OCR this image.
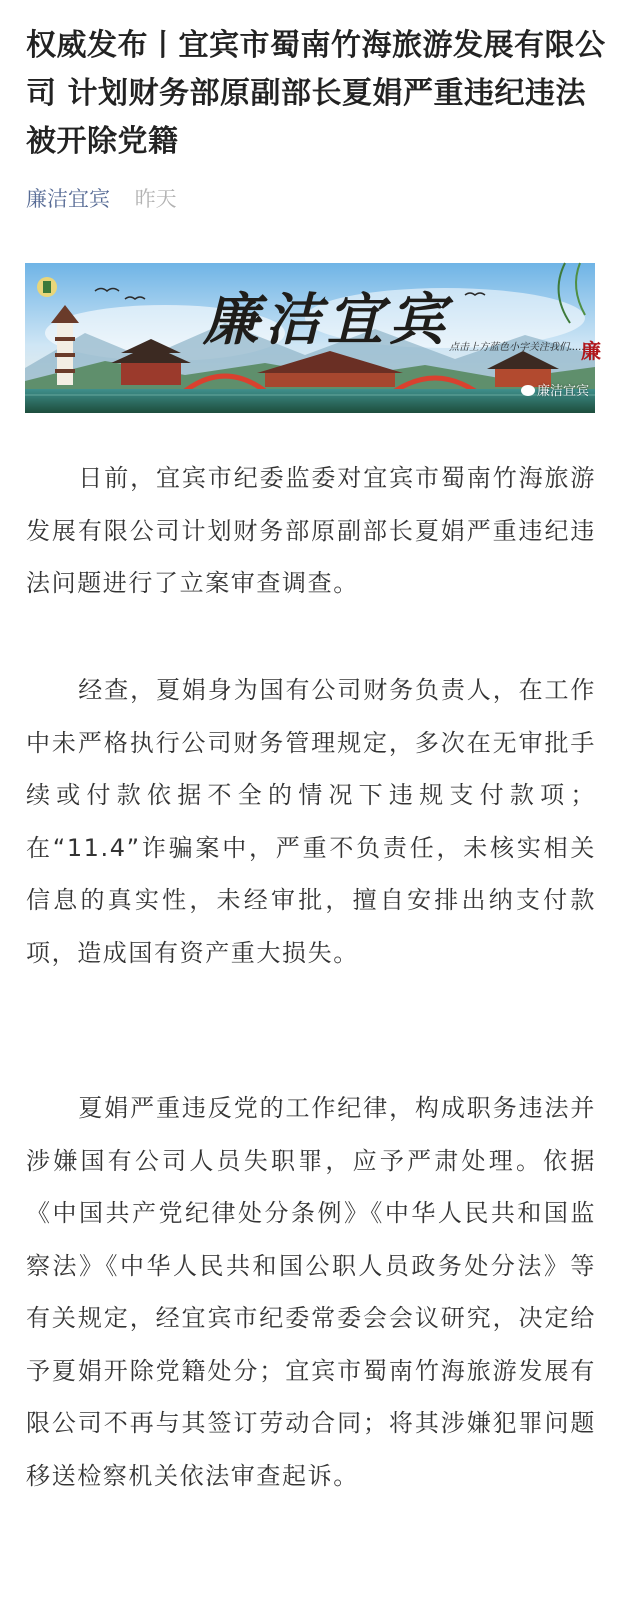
权威发布丨宜宾市蜀南竹海旅游发展有限公司 计划财务部原副部长夏娟严重违纪违法被开除党籍
廉洁宜宾 昨天
廉洁宜宾
点击上方蓝色小字关注我们......
廉
廉洁宜宾

日前，宜宾市纪委监委对宜宾市蜀南竹海旅游发展有限公司计划财务部原副部长夏娟严重违纪违法问题进行了立案审查调查。

经查，夏娟身为国有公司财务负责人，在工作中未严格执行公司财务管理规定，多次在无审批手续或付款依据不全的情况下违规支付款项；在“11.4”诈骗案中，严重不负责任，未核实相关信息的真实性，未经审批，擅自安排出纳支付款项，造成国有资产重大损失。

夏娟严重违反党的工作纪律，构成职务违法并涉嫌国有公司人员失职罪，应予严肃处理。依据《中国共产党纪律处分条例》《中华人民共和国监察法》《中华人民共和国公职人员政务处分法》等有关规定，经宜宾市纪委常委会会议研究，决定给予夏娟开除党籍处分；宜宾市蜀南竹海旅游发展有限公司不再与其签订劳动合同；将其涉嫌犯罪问题移送检察机关依法审查起诉。
